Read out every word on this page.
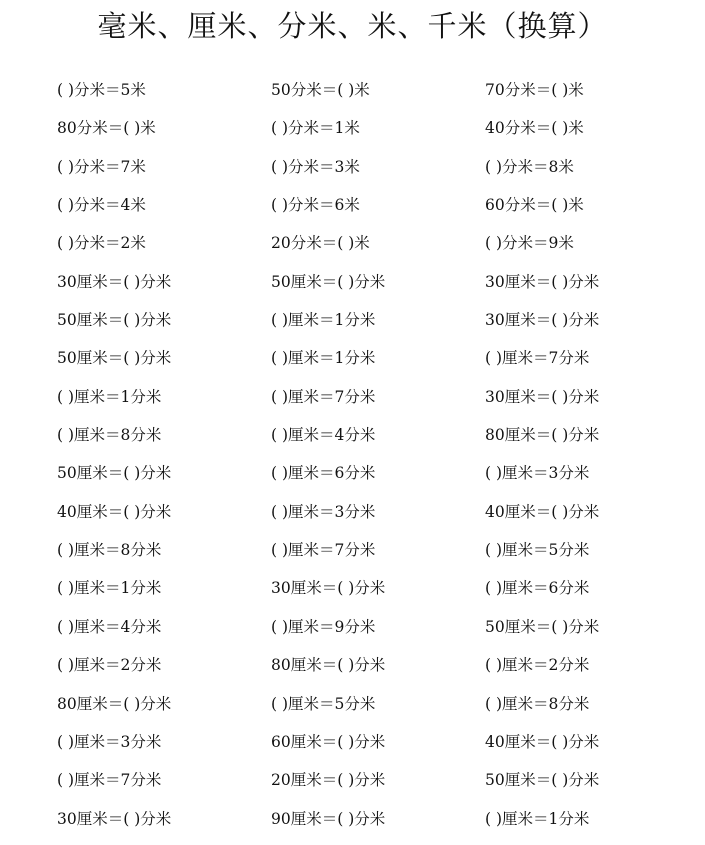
毫米、厘米、分米、米、千米（换算）
( )分米＝5米	50分米＝( )米	70分米＝( )米
80分米＝( )米	( )分米＝1米	40分米＝( )米
( )分米＝7米	( )分米＝3米	( )分米＝8米
( )分米＝4米	( )分米＝6米	60分米＝( )米
( )分米＝2米	20分米＝( )米	( )分米＝9米
30厘米＝( )分米	50厘米＝( )分米	30厘米＝( )分米
50厘米＝( )分米	( )厘米＝1分米	30厘米＝( )分米
50厘米＝( )分米	( )厘米＝1分米	( )厘米＝7分米
( )厘米＝1分米	( )厘米＝7分米	30厘米＝( )分米
( )厘米＝8分米	( )厘米＝4分米	80厘米＝( )分米
50厘米＝( )分米	( )厘米＝6分米	( )厘米＝3分米
40厘米＝( )分米	( )厘米＝3分米	40厘米＝( )分米
( )厘米＝8分米	( )厘米＝7分米	( )厘米＝5分米
( )厘米＝1分米	30厘米＝( )分米	( )厘米＝6分米
( )厘米＝4分米	( )厘米＝9分米	50厘米＝( )分米
( )厘米＝2分米	80厘米＝( )分米	( )厘米＝2分米
80厘米＝( )分米	( )厘米＝5分米	( )厘米＝8分米
( )厘米＝3分米	60厘米＝( )分米	40厘米＝( )分米
( )厘米＝7分米	20厘米＝( )分米	50厘米＝( )分米
30厘米＝( )分米	90厘米＝( )分米	( )厘米＝1分米
